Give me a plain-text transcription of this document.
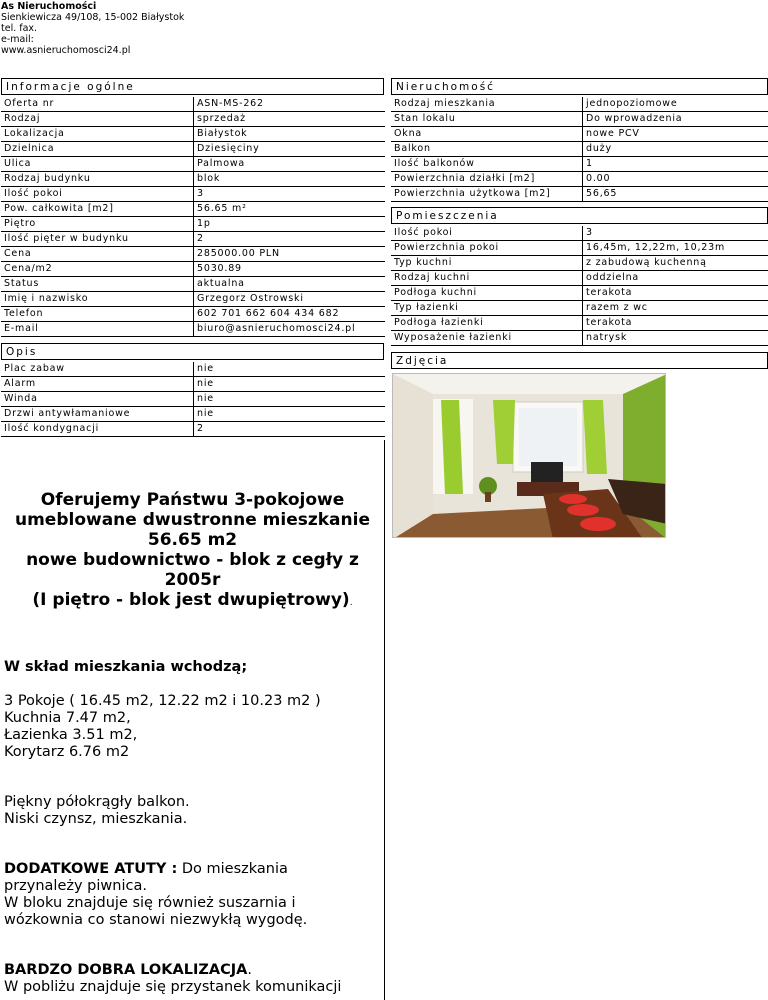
As Nieruchomości
Sienkiewicza 49/108, 15-002 Białystok
tel. fax.
e-mail:
www.asnieruchomosci24.pl
Informacje ogólne
Oferta nr	ASN-MS-262
Rodzaj	sprzedaż
Lokalizacja	Białystok
Dzielnica	Dziesięciny
Ulica	Palmowa
Rodzaj budynku	blok
Ilość pokoi	3
Pow. całkowita [m2]	56.65 m²
Piętro	1p
Ilość pięter w budynku	2
Cena	285000.00 PLN
Cena/m2	5030.89
Status	aktualna
Imię i nazwisko	Grzegorz Ostrowski
Telefon	602 701 662 604 434 682
E-mail	biuro@asnieruchomosci24.pl
Nieruchomość
Rodzaj mieszkania	jednopoziomowe
Stan lokalu	Do wprowadzenia
Okna	nowe PCV
Balkon	duży
Ilość balkonów	1
Powierzchnia działki [m2]	0.00
Powierzchnia użytkowa [m2]	56,65
Pomieszczenia
Ilość pokoi	3
Powierzchnia pokoi	16,45m, 12,22m, 10,23m
Typ kuchni	z zabudową kuchenną
Rodzaj kuchni	oddzielna
Podłoga kuchni	terakota
Typ łazienki	razem z wc
Podłoga łazienki	terakota
Wyposażenie łazienki	natrysk
Opis
Plac zabaw	nie
Alarm	nie
Winda	nie
Drzwi antywłamaniowe	nie
Ilość kondygnacji	2
Zdjęcia
Oferujemy Państwu 3-pokojowe
umeblowane dwustronne mieszkanie
56.65 m2
nowe budownictwo - blok z cegły z
2005r
(I piętro - blok jest dwupiętrowy).

W skład mieszkania wchodzą;

3 Pokoje ( 16.45 m2, 12.22 m2 i 10.23 m2 )

Kuchnia 7.47 m2,

Łazienka 3.51 m2,

Korytarz 6.76 m2

Piękny półokrągły balkon.

Niski czynsz, mieszkania.

DODATKOWE ATUTY : Do mieszkania

przynależy piwnica.

W bloku znajduje się również suszarnia i

wózkownia co stanowi niezwykłą wygodę.

BARDZO DOBRA LOKALIZACJA.

W pobliżu znajduje się przystanek komunikacji
